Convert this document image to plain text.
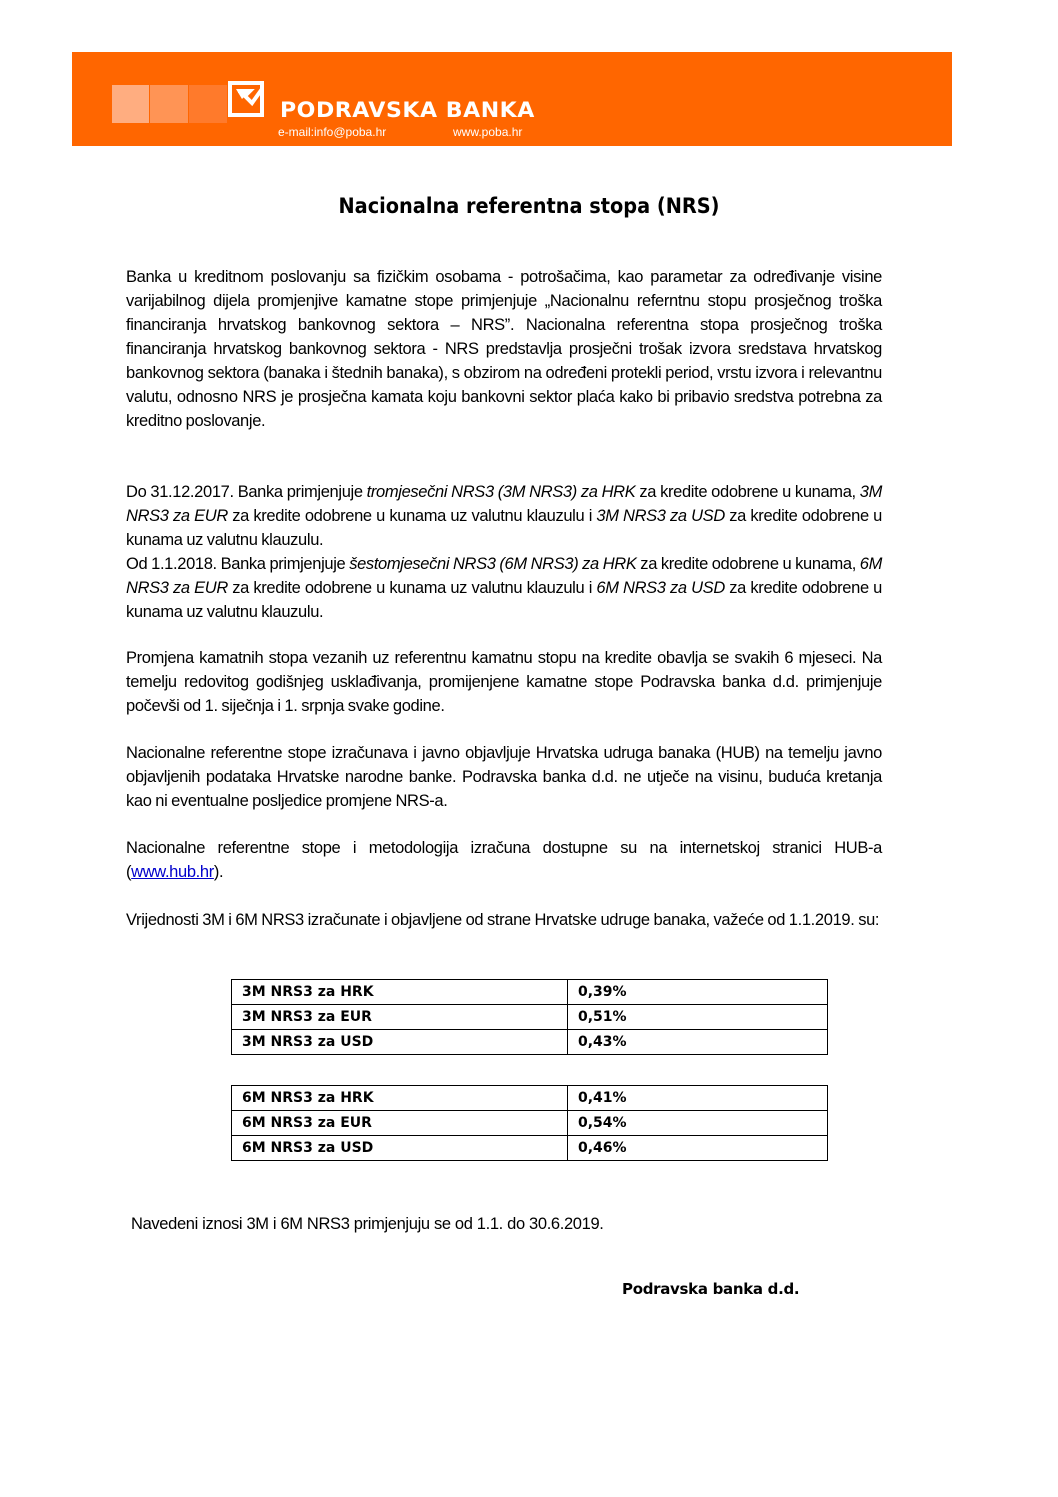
PODRAVSKA BANKA
e-mail:info@poba.hr	www.poba.hr
Nacionalna referentna stopa (NRS)

Banka u kreditnom poslovanju sa fizičkim osobama - potrošačima, kao parametar za određivanje visine varijabilnog dijela promjenjive kamatne stope primjenjuje „Nacionalnu referntnu stopu prosječnog troška financiranja hrvatskog bankovnog sektora – NRS”. Nacionalna referentna stopa prosječnog troška financiranja hrvatskog bankovnog sektora - NRS predstavlja prosječni trošak izvora sredstava hrvatskog bankovnog sektora (banaka i štednih banaka), s obzirom na određeni protekli period, vrstu izvora i relevantnu valutu, odnosno NRS je prosječna kamata koju bankovni sektor plaća kako bi pribavio sredstva potrebna za kreditno poslovanje.

Do 31.12.2017. Banka primjenjuje tromjesečni NRS3 (3M NRS3) za HRK za kredite odobrene u kunama, 3M NRS3 za EUR za kredite odobrene u kunama uz valutnu klauzulu i 3M NRS3 za USD za kredite odobrene u kunama uz valutnu klauzulu.

Od 1.1.2018. Banka primjenjuje šestomjesečni NRS3 (6M NRS3) za HRK za kredite odobrene u kunama, 6M NRS3 za EUR za kredite odobrene u kunama uz valutnu klauzulu i 6M NRS3 za USD za kredite odobrene u kunama uz valutnu klauzulu.

Promjena kamatnih stopa vezanih uz referentnu kamatnu stopu na kredite obavlja se svakih 6 mjeseci. Na temelju redovitog godišnjeg usklađivanja, promijenjene kamatne stope Podravska banka d.d. primjenjuje počevši od 1. siječnja i 1. srpnja svake godine.

Nacionalne referentne stope izračunava i javno objavljuje Hrvatska udruga banaka (HUB) na temelju javno objavljenih podataka Hrvatske narodne banke. Podravska banka d.d. ne utječe na visinu, buduća kretanja kao ni eventualne posljedice promjene NRS-a.

Nacionalne referentne stope i metodologija izračuna dostupne su na internetskoj stranici HUB-a (www.hub.hr).

Vrijednosti 3M i 6M NRS3 izračunate i objavljene od strane Hrvatske udruge banaka, važeće od 1.1.2019. su:

3M NRS3 za HRK	0,39%
3M NRS3 za EUR	0,51%
3M NRS3 za USD	0,43%
6M NRS3 za HRK	0,41%
6M NRS3 za EUR	0,54%
6M NRS3 za USD	0,46%
Navedeni iznosi 3M i 6M NRS3 primjenjuju se od 1.1. do 30.6.2019.
Podravska banka d.d.
